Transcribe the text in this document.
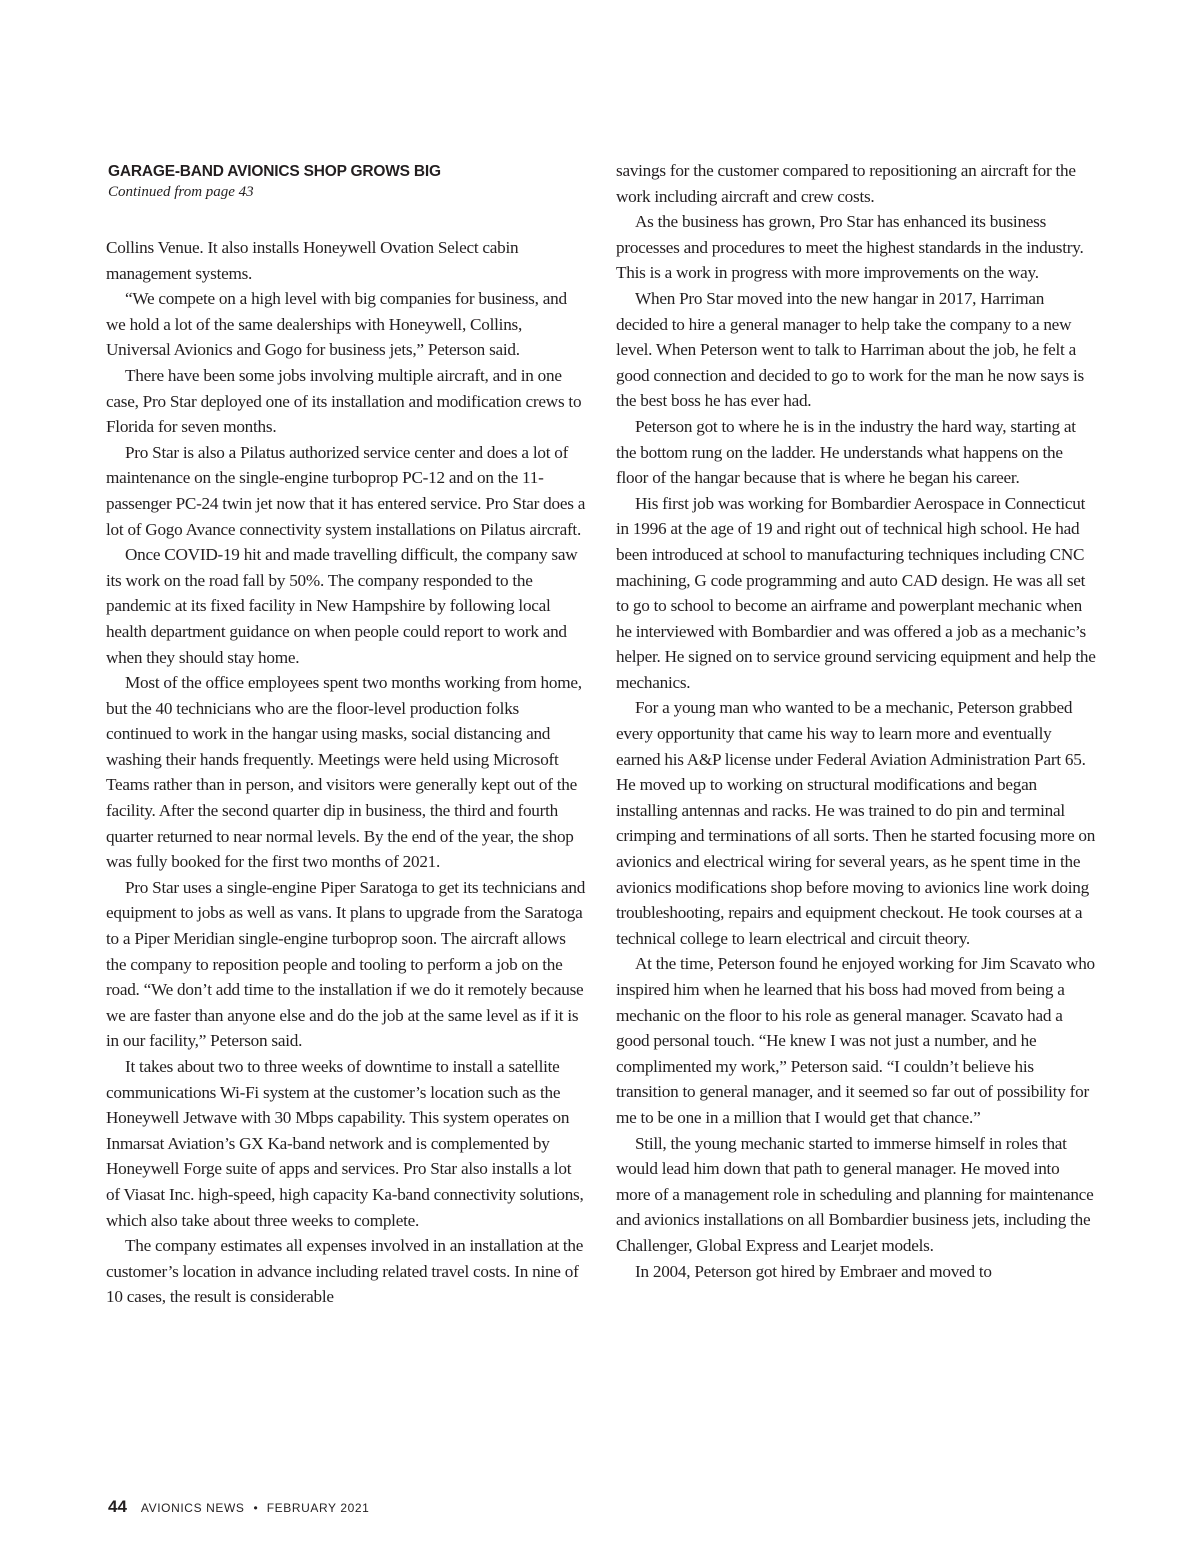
GARAGE-BAND AVIONICS SHOP GROWS BIG
Continued from page 43

Collins Venue. It also installs Honeywell Ovation Select cabin management systems.

“We compete on a high level with big companies for business, and we hold a lot of the same dealerships with Honeywell, Collins, Universal Avionics and Gogo for business jets,” Peterson said.

There have been some jobs involving multiple aircraft, and in one case, Pro Star deployed one of its installation and modification crews to Florida for seven months.

Pro Star is also a Pilatus authorized service center and does a lot of maintenance on the single-engine turboprop PC-12 and on the 11-passenger PC-24 twin jet now that it has entered service. Pro Star does a lot of Gogo Avance connectivity system installations on Pilatus aircraft.

Once COVID-19 hit and made travelling difficult, the company saw its work on the road fall by 50%. The company responded to the pandemic at its fixed facility in New Hampshire by following local health department guidance on when people could report to work and when they should stay home.

Most of the office employees spent two months working from home, but the 40 technicians who are the floor-level production folks continued to work in the hangar using masks, social distancing and washing their hands frequently. Meetings were held using Microsoft Teams rather than in person, and visitors were generally kept out of the facility. After the second quarter dip in business, the third and fourth quarter returned to near normal levels. By the end of the year, the shop was fully booked for the first two months of 2021.

Pro Star uses a single-engine Piper Saratoga to get its technicians and equipment to jobs as well as vans. It plans to upgrade from the Saratoga to a Piper Meridian single-engine turboprop soon. The aircraft allows the company to reposition people and tooling to perform a job on the road. “We don’t add time to the installation if we do it remotely because we are faster than anyone else and do the job at the same level as if it is in our facility,” Peterson said.

It takes about two to three weeks of downtime to install a satellite communications Wi-Fi system at the customer’s location such as the Honeywell Jetwave with 30 Mbps capability. This system operates on Inmarsat Aviation’s GX Ka-band network and is complemented by Honeywell Forge suite of apps and services. Pro Star also installs a lot of Viasat Inc. high-speed, high capacity Ka-band connectivity solutions, which also take about three weeks to complete.

The company estimates all expenses involved in an installation at the customer’s location in advance including related travel costs. In nine of 10 cases, the result is considerable

savings for the customer compared to repositioning an aircraft for the work including aircraft and crew costs.

As the business has grown, Pro Star has enhanced its business processes and procedures to meet the highest standards in the industry. This is a work in progress with more improvements on the way.

When Pro Star moved into the new hangar in 2017, Harriman decided to hire a general manager to help take the company to a new level. When Peterson went to talk to Harriman about the job, he felt a good connection and decided to go to work for the man he now says is the best boss he has ever had.

Peterson got to where he is in the industry the hard way, starting at the bottom rung on the ladder. He understands what happens on the floor of the hangar because that is where he began his career.

His first job was working for Bombardier Aerospace in Connecticut in 1996 at the age of 19 and right out of technical high school. He had been introduced at school to manufacturing techniques including CNC machining, G code programming and auto CAD design. He was all set to go to school to become an airframe and powerplant mechanic when he interviewed with Bombardier and was offered a job as a mechanic’s helper. He signed on to service ground servicing equipment and help the mechanics.

For a young man who wanted to be a mechanic, Peterson grabbed every opportunity that came his way to learn more and eventually earned his A&P license under Federal Aviation Administration Part 65. He moved up to working on structural modifications and began installing antennas and racks. He was trained to do pin and terminal crimping and terminations of all sorts. Then he started focusing more on avionics and electrical wiring for several years, as he spent time in the avionics modifications shop before moving to avionics line work doing troubleshooting, repairs and equipment checkout. He took courses at a technical college to learn electrical and circuit theory.

At the time, Peterson found he enjoyed working for Jim Scavato who inspired him when he learned that his boss had moved from being a mechanic on the floor to his role as general manager. Scavato had a good personal touch. “He knew I was not just a number, and he complimented my work,” Peterson said. “I couldn’t believe his transition to general manager, and it seemed so far out of possibility for me to be one in a million that I would get that chance.”

Still, the young mechanic started to immerse himself in roles that would lead him down that path to general manager. He moved into more of a management role in scheduling and planning for maintenance and avionics installations on all Bombardier business jets, including the Challenger, Global Express and Learjet models.

In 2004, Peterson got hired by Embraer and moved to

44 AVIONICS NEWS • FEBRUARY 2021
